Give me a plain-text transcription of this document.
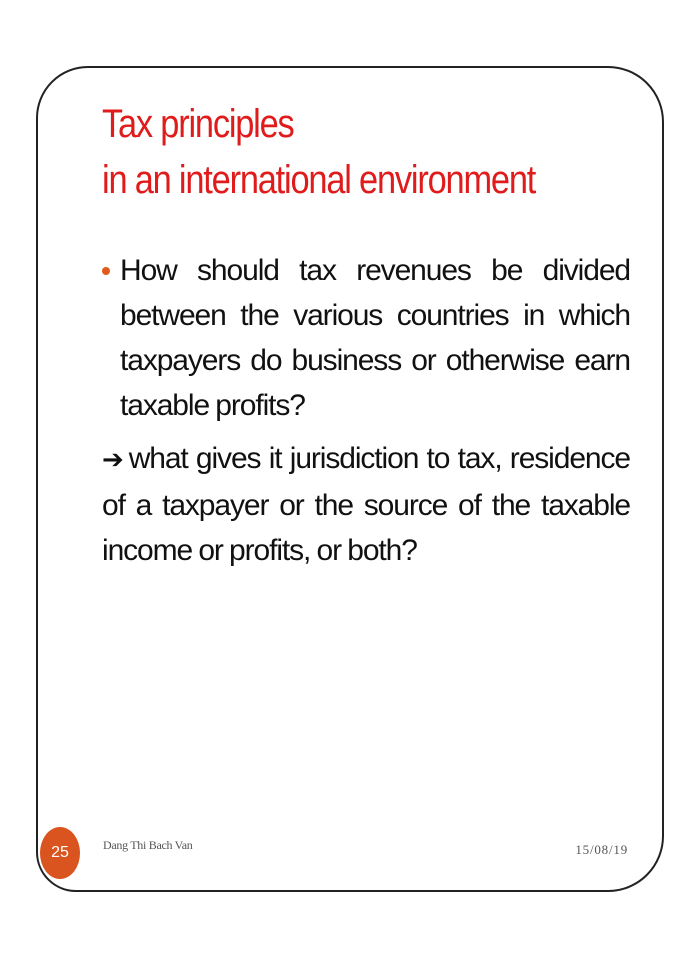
Tax principles
in an international environment
How should tax revenues be divided between the various countries in which taxpayers do business or otherwise earn taxable profits?
➔ what gives it jurisdiction to tax, residence of a taxpayer or the source of the taxable income or profits, or both?
25	Dang Thi Bach Van	15/08/19
